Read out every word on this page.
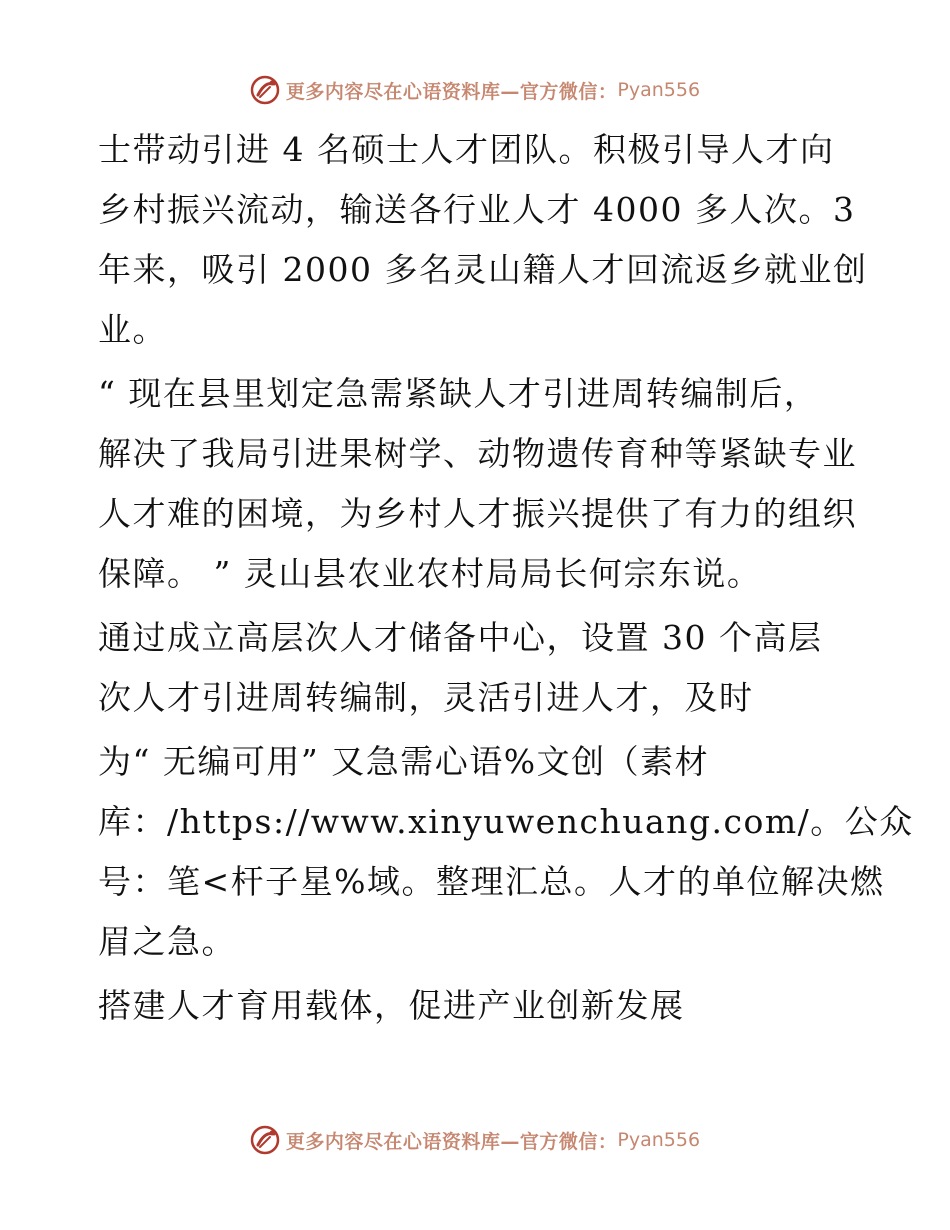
更多内容尽在心语资料库—官方微信： Pyan556
士带动引进 4 名硕士人才团队。积极引导人才向
乡村振兴流动，输送各行业人才 4000 多人次。3
年来，吸引 2000 多名灵山籍人才回流返乡就业创
业。
“ 现在县里划定急需紧缺人才引进周转编制后，
解决了我局引进果树学、动物遗传育种等紧缺专业
人才难的困境，为乡村人才振兴提供了有力的组织
保障。 ” 灵山县农业农村局局长何宗东说。
通过成立高层次人才储备中心，设置 30 个高层
次人才引进周转编制，灵活引进人才，及时
为“ 无编可用” 又急需心语%文创（素材
库：/https://www.xinyuwenchuang.com/。公众
号：笔<杆子星%域。整理汇总。人才的单位解决燃
眉之急。
搭建人才育用载体，促进产业创新发展
更多内容尽在心语资料库—官方微信： Pyan556
